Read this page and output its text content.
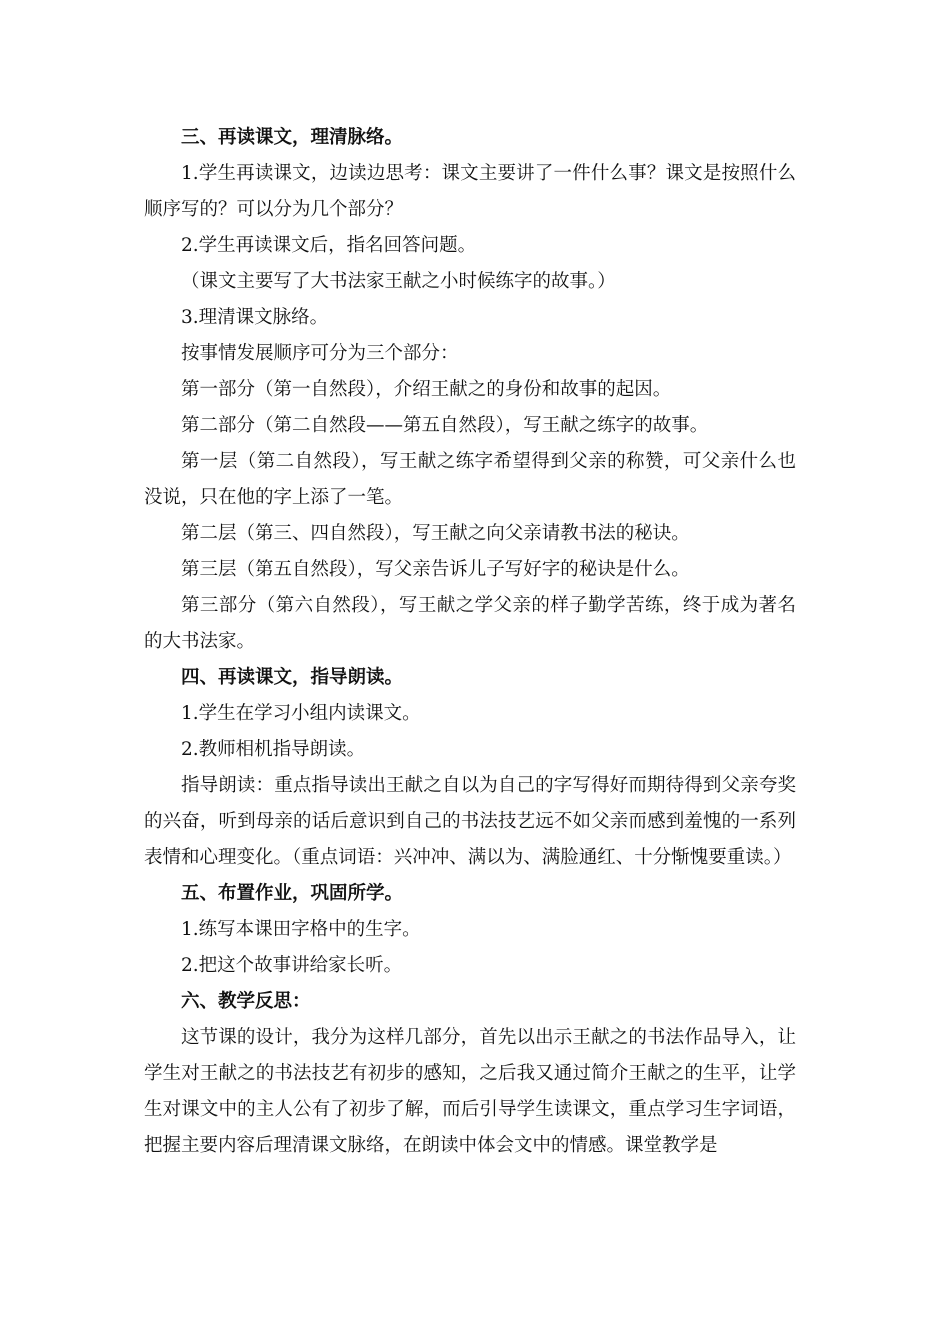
三、再读课文，理清脉络。

1.学生再读课文，边读边思考：课文主要讲了一件什么事？课文是按照什么顺序写的？可以分为几个部分？

2.学生再读课文后，指名回答问题。

（课文主要写了大书法家王献之小时候练字的故事。）

3.理清课文脉络。

按事情发展顺序可分为三个部分：

第一部分（第一自然段），介绍王献之的身份和故事的起因。

第二部分（第二自然段——第五自然段），写王献之练字的故事。

第一层（第二自然段），写王献之练字希望得到父亲的称赞，可父亲什么也没说，只在他的字上添了一笔。

第二层（第三、四自然段），写王献之向父亲请教书法的秘诀。

第三层（第五自然段），写父亲告诉儿子写好字的秘诀是什么。

第三部分（第六自然段），写王献之学父亲的样子勤学苦练，终于成为著名的大书法家。

四、再读课文，指导朗读。

1.学生在学习小组内读课文。

2.教师相机指导朗读。

指导朗读：重点指导读出王献之自以为自己的字写得好而期待得到父亲夸奖的兴奋，听到母亲的话后意识到自己的书法技艺远不如父亲而感到羞愧的一系列表情和心理变化。（重点词语：兴冲冲、满以为、满脸通红、十分惭愧要重读。）

五、布置作业，巩固所学。

1.练写本课田字格中的生字。

2.把这个故事讲给家长听。

六、教学反思：

这节课的设计，我分为这样几部分，首先以出示王献之的书法作品导入，让学生对王献之的书法技艺有初步的感知，之后我又通过简介王献之的生平，让学生对课文中的主人公有了初步了解，而后引导学生读课文，重点学习生字词语，把握主要内容后理清课文脉络，在朗读中体会文中的情感。课堂教学是
